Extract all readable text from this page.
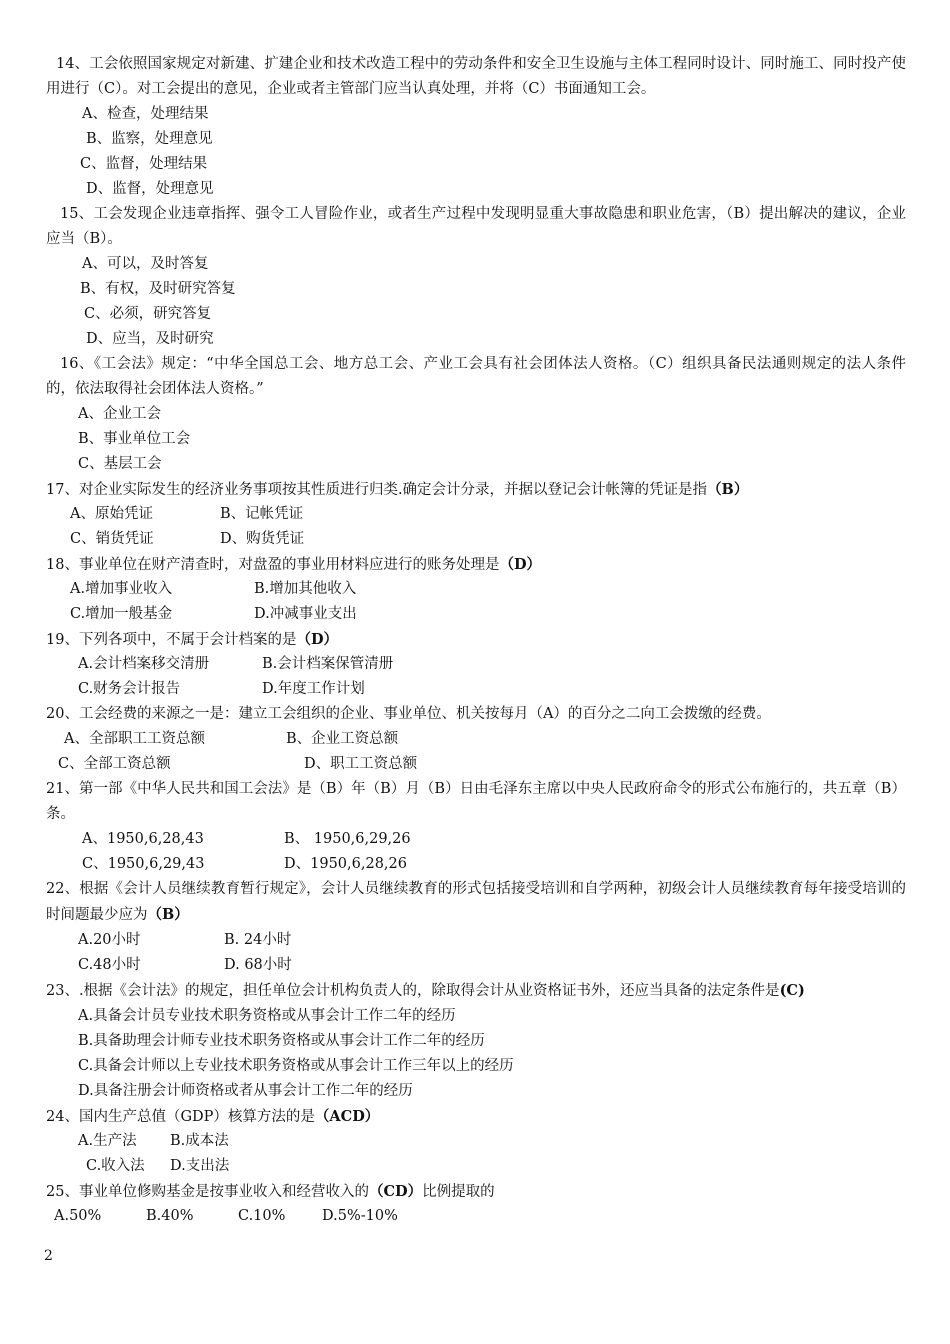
14、工会依照国家规定对新建、扩建企业和技术改造工程中的劳动条件和安全卫生设施与主体工程同时设计、同时施工、同时投产使用进行（C）。对工会提出的意见，企业或者主管部门应当认真处理，并将（C）书面通知工会。
A、检查，处理结果
B、监察，处理意见
C、监督，处理结果
D、监督，处理意见
15、工会发现企业违章指挥、强令工人冒险作业，或者生产过程中发现明显重大事故隐患和职业危害，（B）提出解决的建议，企业应当（B）。
A、可以，及时答复
B、有权，及时研究答复
C、必须，研究答复
D、应当，及时研究
16、《工会法》规定：“中华全国总工会、地方总工会、产业工会具有社会团体法人资格。（C）组织具备民法通则规定的法人条件的，依法取得社会团体法人资格。”
A、企业工会
B、事业单位工会
C、基层工会
17、对企业实际发生的经济业务事项按其性质进行归类.确定会计分录，并据以登记会计帐簿的凭证是指（B）
A、原始凭证	B、记帐凭证
C、销货凭证	D、购货凭证
18、事业单位在财产清查时，对盘盈的事业用材料应进行的账务处理是（D）
A.增加事业收入	B.增加其他收入
C.增加一般基金	D.冲减事业支出
19、下列各项中，不属于会计档案的是（D）
A.会计档案移交清册	B.会计档案保管清册
C.财务会计报告	D.年度工作计划
20、工会经费的来源之一是：建立工会组织的企业、事业单位、机关按每月（A）的百分之二向工会拨缴的经费。
A、全部职工工资总额	B、企业工资总额
C、全部工资总额	D、职工工资总额
21、第一部《中华人民共和国工会法》是（B）年（B）月（B）日由毛泽东主席以中央人民政府命令的形式公布施行的，共五章（B）条。
A、1950,6,28,43	B、 1950,6,29,26
C、1950,6,29,43	D、1950,6,28,26
22、根据《会计人员继续教育暂行规定》，会计人员继续教育的形式包括接受培训和自学两种，初级会计人员继续教育每年接受培训的时间题最少应为（B）
A.20小时	B. 24小时
C.48小时	D. 68小时
23、.根据《会计法》的规定，担任单位会计机构负责人的，除取得会计从业资格证书外，还应当具备的法定条件是(C)
A.具备会计员专业技术职务资格或从事会计工作二年的经历
B.具备助理会计师专业技术职务资格或从事会计工作二年的经历
C.具备会计师以上专业技术职务资格或从事会计工作三年以上的经历
D.具备注册会计师资格或者从事会计工作二年的经历
24、国内生产总值（GDP）核算方法的是（ACD）
A.生产法 B.成本法
C.收入法 D.支出法
25、事业单位修购基金是按事业收入和经营收入的（CD）比例提取的
A.50%	B.40%	C.10%	D.5%-10%
2
